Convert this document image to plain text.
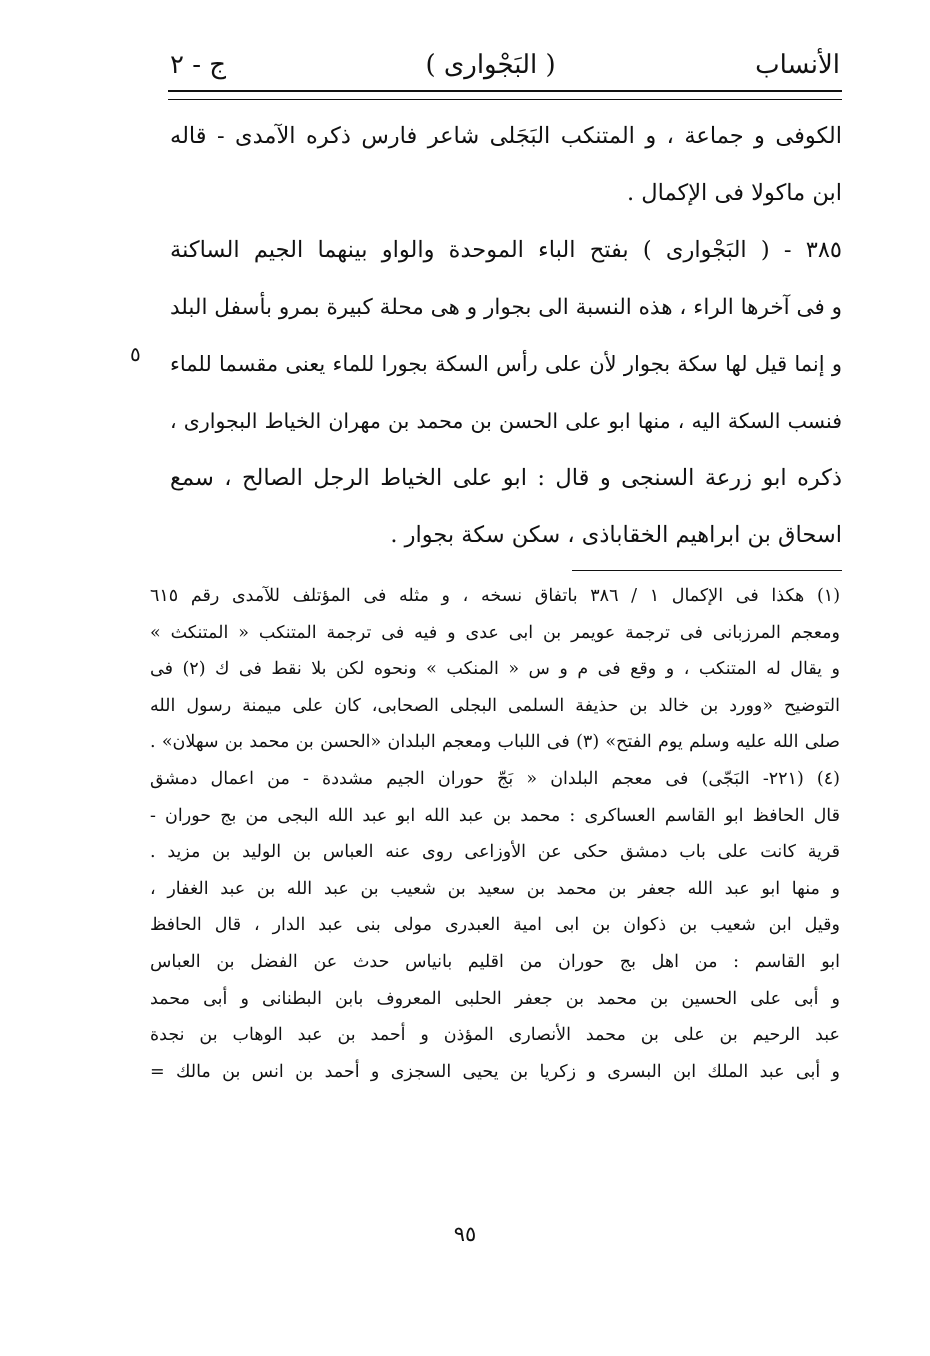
الأنساب
( البَجْواری )
ج - ٢
الکوفی و جماعة ، و المتنکب البَجَلی شاعر فارس ذکره الآمدی - قاله
ابن ماکولا فی الإکمال .
٣٨٥ - ( البَجْواری ) بفتح الباء الموحدة والواو بینهما الجیم الساکنة
و فی آخرها الراء ، هذه النسبة الی بجوار و هی محلة کبیرة بمرو بأسفل البلد
و إنما قیل لها سکة بجوار لأن علی رأس السکة بجورا للماء یعنی مقسما للماء
فنسب السکة الیه ، منها ابو علی الحسن بن محمد بن مهران الخیاط البجواری ،
ذکره ابو زرعة السنجی و قال : ابو علی الخیاط الرجل الصالح ، سمع
اسحاق بن ابراهیم الخقاباذی ، سکن سکة بجوار .
٥
(١) هکذا فی الإکمال ١ / ٣٨٦ باتفاق نسخه ، و مثله فی المؤتلف للآمدی رقم ٦١٥
ومعجم المرزبانی فی ترجمة عویمر بن ابی عدی و فیه فی ترجمة المتنکب « المتنکث »
و یقال له المتنکب ، و وقع فی م و س « المنکب » ونحوه لکن بلا نقط فی ك (٢) فی
التوضیح «وورد بن خالد بن حذیفة السلمی البجلی الصحابی، کان علی میمنة رسول الله
صلی الله علیه وسلم یوم الفتح» (٣) فی اللباب ومعجم البلدان «الحسن بن محمد بن سهلان» .
(٤) (٢٢١- البَجّی) فی معجم البلدان « بَجّ حوران الجیم مشددة - من اعمال دمشق
قال الحافظ ابو القاسم العساکری : محمد بن عبد الله ابو عبد الله البجی من بج حوران -
قریة کانت علی باب دمشق حکی عن الأوزاعی روی عنه العباس بن الولید بن مزید .
و منها ابو عبد الله جعفر بن محمد بن سعید بن شعیب بن عبد الله بن عبد الغفار ،
وقیل ابن شعیب بن ذکوان بن ابی امیة العبدری مولی بنی عبد الدار ، قال الحافظ
ابو القاسم : من اهل بج حوران من اقلیم بانیاس حدث عن الفضل بن العباس
و أبی علی الحسین بن محمد بن جعفر الحلبی المعروف بابن البطنانی و أبی محمد
عبد الرحیم بن علی بن محمد الأنصاری المؤذن و أحمد بن عبد الوهاب بن نجدة
و أبی عبد الملك ابن البسری و زکریا بن یحیی السجزی و أحمد بن انس بن مالك =
٩٥
